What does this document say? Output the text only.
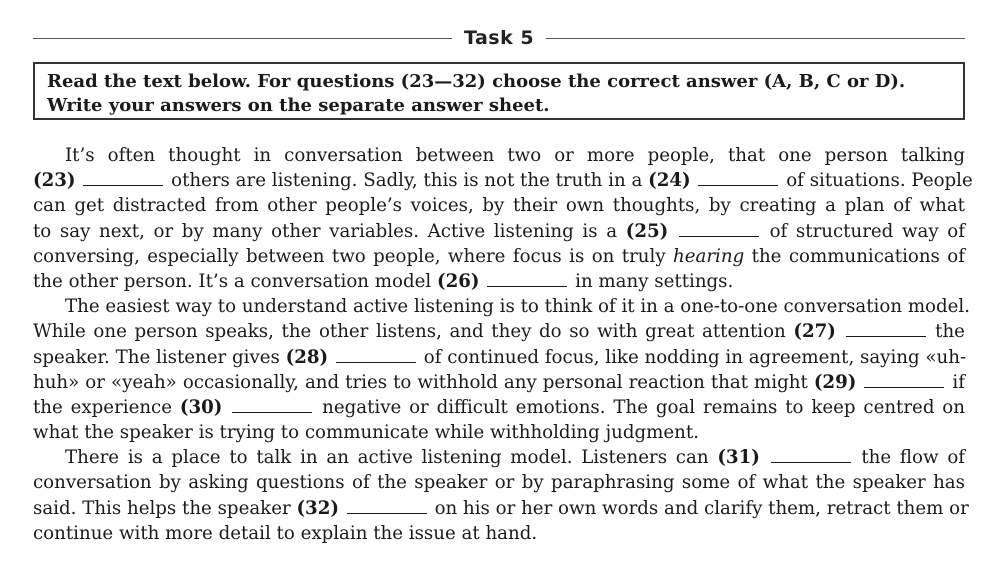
Task 5
Read the text below. For questions (23—32) choose the correct answer (A, B, C or D). Write your answers on the separate answer sheet.
It’s often thought in conversation between two or more people, that one person talking
(23)	others are listening. Sadly, this is not the truth in a (24)	of situations. People
can get distracted from other people’s voices, by their own thoughts, by creating a plan of what
to say next, or by many other variables. Active listening is a (25)	of structured way of
conversing, especially between two people, where focus is on truly hearing the communications of
the other person. It’s a conversation model (26)	in many settings.
The easiest way to understand active listening is to think of it in a one-to-one conversation model.
While one person speaks, the other listens, and they do so with great attention (27)	the
speaker. The listener gives (28)	of continued focus, like nodding in agreement, saying «uh-
huh» or «yeah» occasionally, and tries to withhold any personal reaction that might (29)	if
the experience (30)	negative or difficult emotions. The goal remains to keep centred on
what the speaker is trying to communicate while withholding judgment.
There is a place to talk in an active listening model. Listeners can (31)	the flow of
conversation by asking questions of the speaker or by paraphrasing some of what the speaker has
said. This helps the speaker (32)	on his or her own words and clarify them, retract them or
continue with more detail to explain the issue at hand.
